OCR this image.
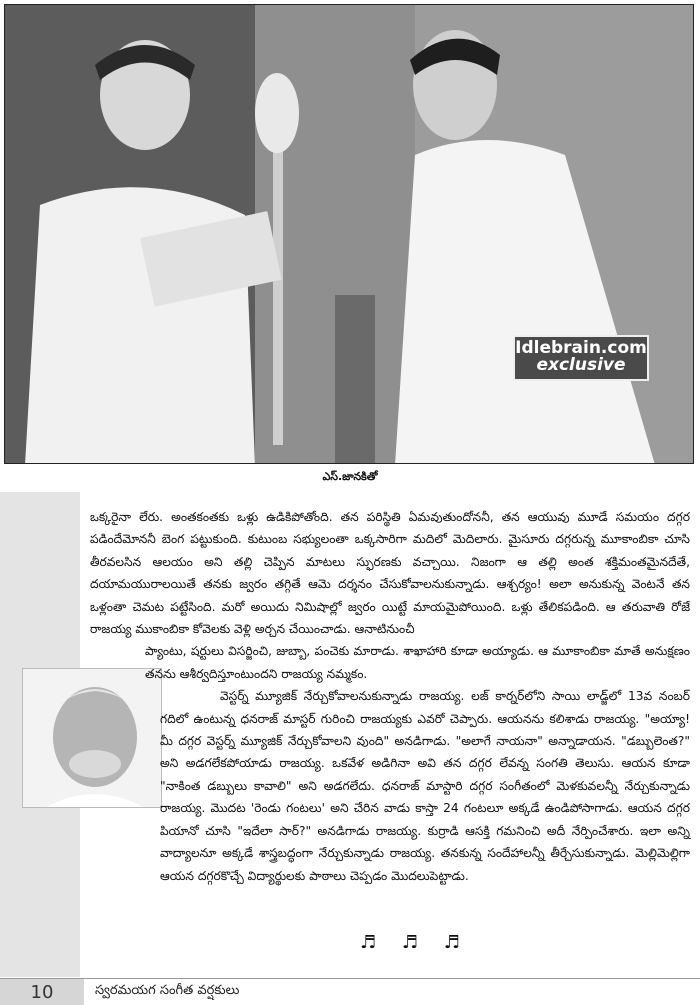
Idlebrain.com
exclusive
ఎస్.జానకితో

ఒక్కరైనా లేరు. అంతకంతకు ఒళ్లు ఉడికిపోతోంది. తన పరిస్థితి ఏమవుతుందోననీ, తన ఆయువు మూడే సమయం దగ్గర పడిందేమోననీ బెంగ పట్టుకుంది. కుటుంబ సభ్యులంతా ఒక్కసారిగా మదిలో మెదిలారు. మైసూరు దగ్గరున్న మూకాంబికా చూసి తీరవలసిన ఆలయం అని తల్లి చెప్పిన మాటలు స్ఫురణకు వచ్చాయి. నిజంగా ఆ తల్లి అంత శక్తిమంతమైనదేతే, దయామయురాలయితే తనకు జ్వరం తగ్గితే ఆమె దర్శనం చేసుకోవాలనుకున్నాడు. ఆశ్చర్యం! అలా అనుకున్న వెంటనే తన ఒళ్లంతా చెమట పట్టేసింది. మరో అయిదు నిమిషాల్లో జ్వరం యిట్టే మాయమైపోయింది. ఒళ్లు తేలికపడింది. ఆ తరువాతి రోజే రాజయ్య ముకాంబికా కోవెలకు వెళ్లి అర్చన చేయించాడు. ఆనాటినుంచీ

ప్యాంటు, షర్టులు విసర్జించి, జుబ్బా, పంచెకు మారాడు. శాఖాహారి కూడా అయ్యాడు. ఆ మూకాంబికా మాతే అనుక్షణం తనను ఆశీర్వదిస్తూంటుందని రాజయ్య నమ్మకం.

వెస్టర్న్ మ్యూజిక్ నేర్చుకోవాలనుకున్నాడు రాజయ్య. లజ్ కార్నర్‌లోని సాయి లాడ్జ్‌లో 13వ నంబర్ గదిలో ఉంటున్న ధనరాజ్ మాస్టర్ గురించి రాజయ్యకు ఎవరో చెప్పారు. ఆయనను కలిశాడు రాజయ్య. "అయ్యా! మీ దగ్గర వెస్టర్న్ మ్యూజిక్ నేర్చుకోవాలని వుంది" అనడిగాడు. "అలాగే నాయనా" అన్నాడాయన. "డబ్బులెంత?" అని అడగలేకపోయాడు రాజయ్య. ఒకవేళ అడిగినా అవి తన దగ్గర లేవన్న సంగతి తెలుసు. ఆయన కూడా "నాకింత డబ్బులు కావాలి" అని అడగలేదు. ధనరాజ్ మాస్టారి దగ్గర సంగీతంలో మెళకువలన్నీ నేర్చుకున్నాడు రాజయ్య. మొదట 'రెండు గంటలు' అని చేరిన వాడు కాస్తా 24 గంటలూ అక్కడే ఉండిపోసాగాడు. ఆయన దగ్గర పియానో చూసి "ఇదేలా సార్?" అనడిగాడు రాజయ్య. కుర్రాడి ఆసక్తి గమనించి అదీ నేర్పించేశారు. ఇలా అన్ని వాద్యాలనూ అక్కడే శాస్త్రబద్ధంగా నేర్చుకున్నాడు రాజయ్య. తనకున్న సందేహాలన్నీ తీర్చేసుకున్నాడు. మెల్లిమెల్లిగా ఆయన దగ్గరకొచ్చే విద్యార్థులకు పాఠాలు చెప్పడం మొదలుపెట్టాడు.

♬ ♬ ♬
10	స్వరమయగ సంగీత వర్షకులు
